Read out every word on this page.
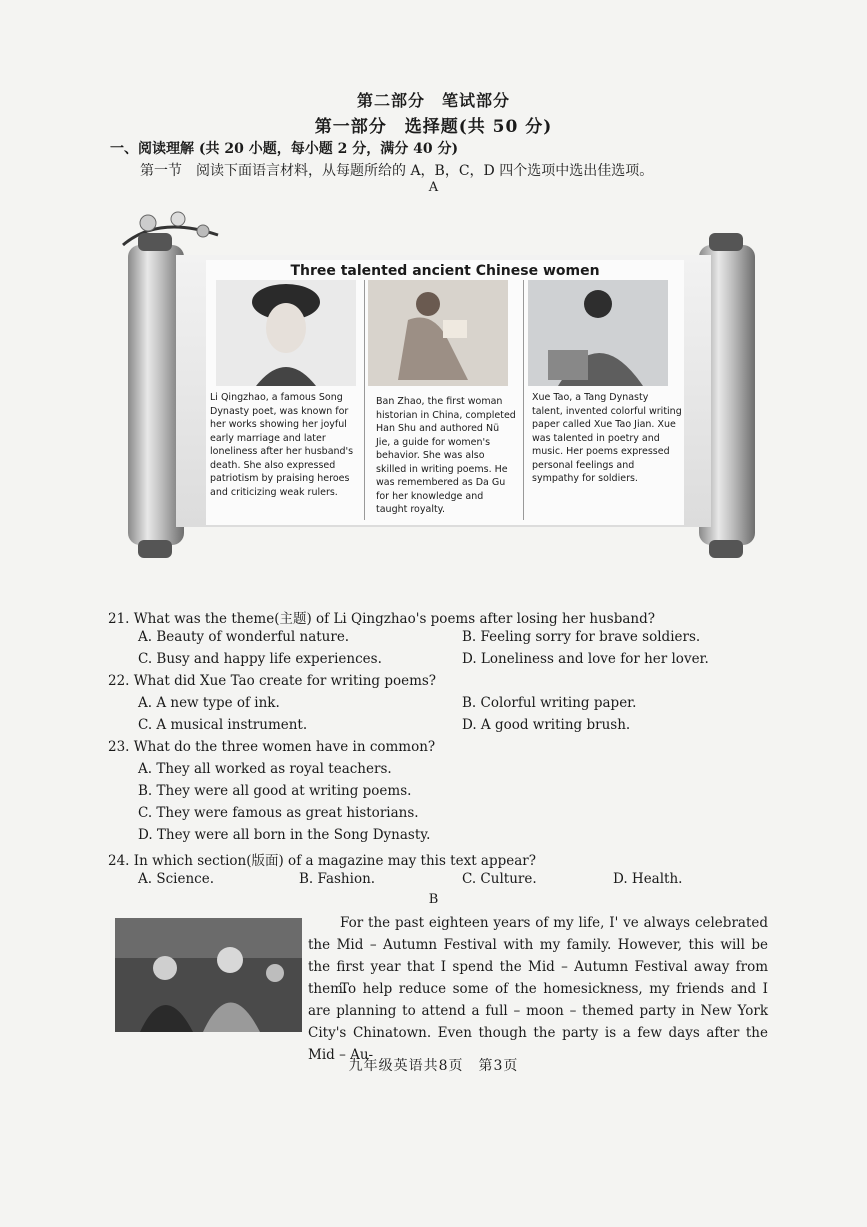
第二部分　笔试部分
第一部分　选择题(共 50 分)
一、阅读理解 (共 20 小题，每小题 2 分，满分 40 分)
第一节　阅读下面语言材料，从每题所给的 A，B，C，D 四个选项中选出佳选项。
A
Three talented ancient Chinese women
Li Qingzhao, a famous Song Dynasty poet, was known for her works showing her joyful early marriage and later loneliness after her husband's death. She also expressed patriotism by praising heroes and criticizing weak rulers.
Ban Zhao, the first woman historian in China, completed Han Shu and authored Nü Jie, a guide for women's behavior. She was also skilled in writing poems. He was remembered as Da Gu for her knowledge and taught royalty.
Xue Tao, a Tang Dynasty talent, invented colorful writing paper called Xue Tao Jian. Xue was talented in poetry and music. Her poems expressed personal feelings and sympathy for soldiers.
21. What was the theme(主题) of Li Qingzhao's poems after losing her husband?
A. Beauty of wonderful nature.	B. Feeling sorry for brave soldiers.
C. Busy and happy life experiences.	D. Loneliness and love for her lover.
22. What did Xue Tao create for writing poems?
A. A new type of ink.	B. Colorful writing paper.
C. A musical instrument.	D. A good writing brush.
23. What do the three women have in common?
A. They all worked as royal teachers.
B. They were all good at writing poems.
C. They were famous as great historians.
D. They were all born in the Song Dynasty.
24. In which section(版面) of a magazine may this text appear?
A. Science.	B. Fashion.	C. Culture.	D. Health.
B

For the past eighteen years of my life, I' ve always celebrated the Mid – Autumn Festival with my family. However, this will be the first year that I spend the Mid – Autumn Festival away from them.

To help reduce some of the homesickness, my friends and I are planning to attend a full – moon – themed party in New York City's Chinatown. Even though the party is a few days after the Mid – Au-

九年级英语共8页　第3页
